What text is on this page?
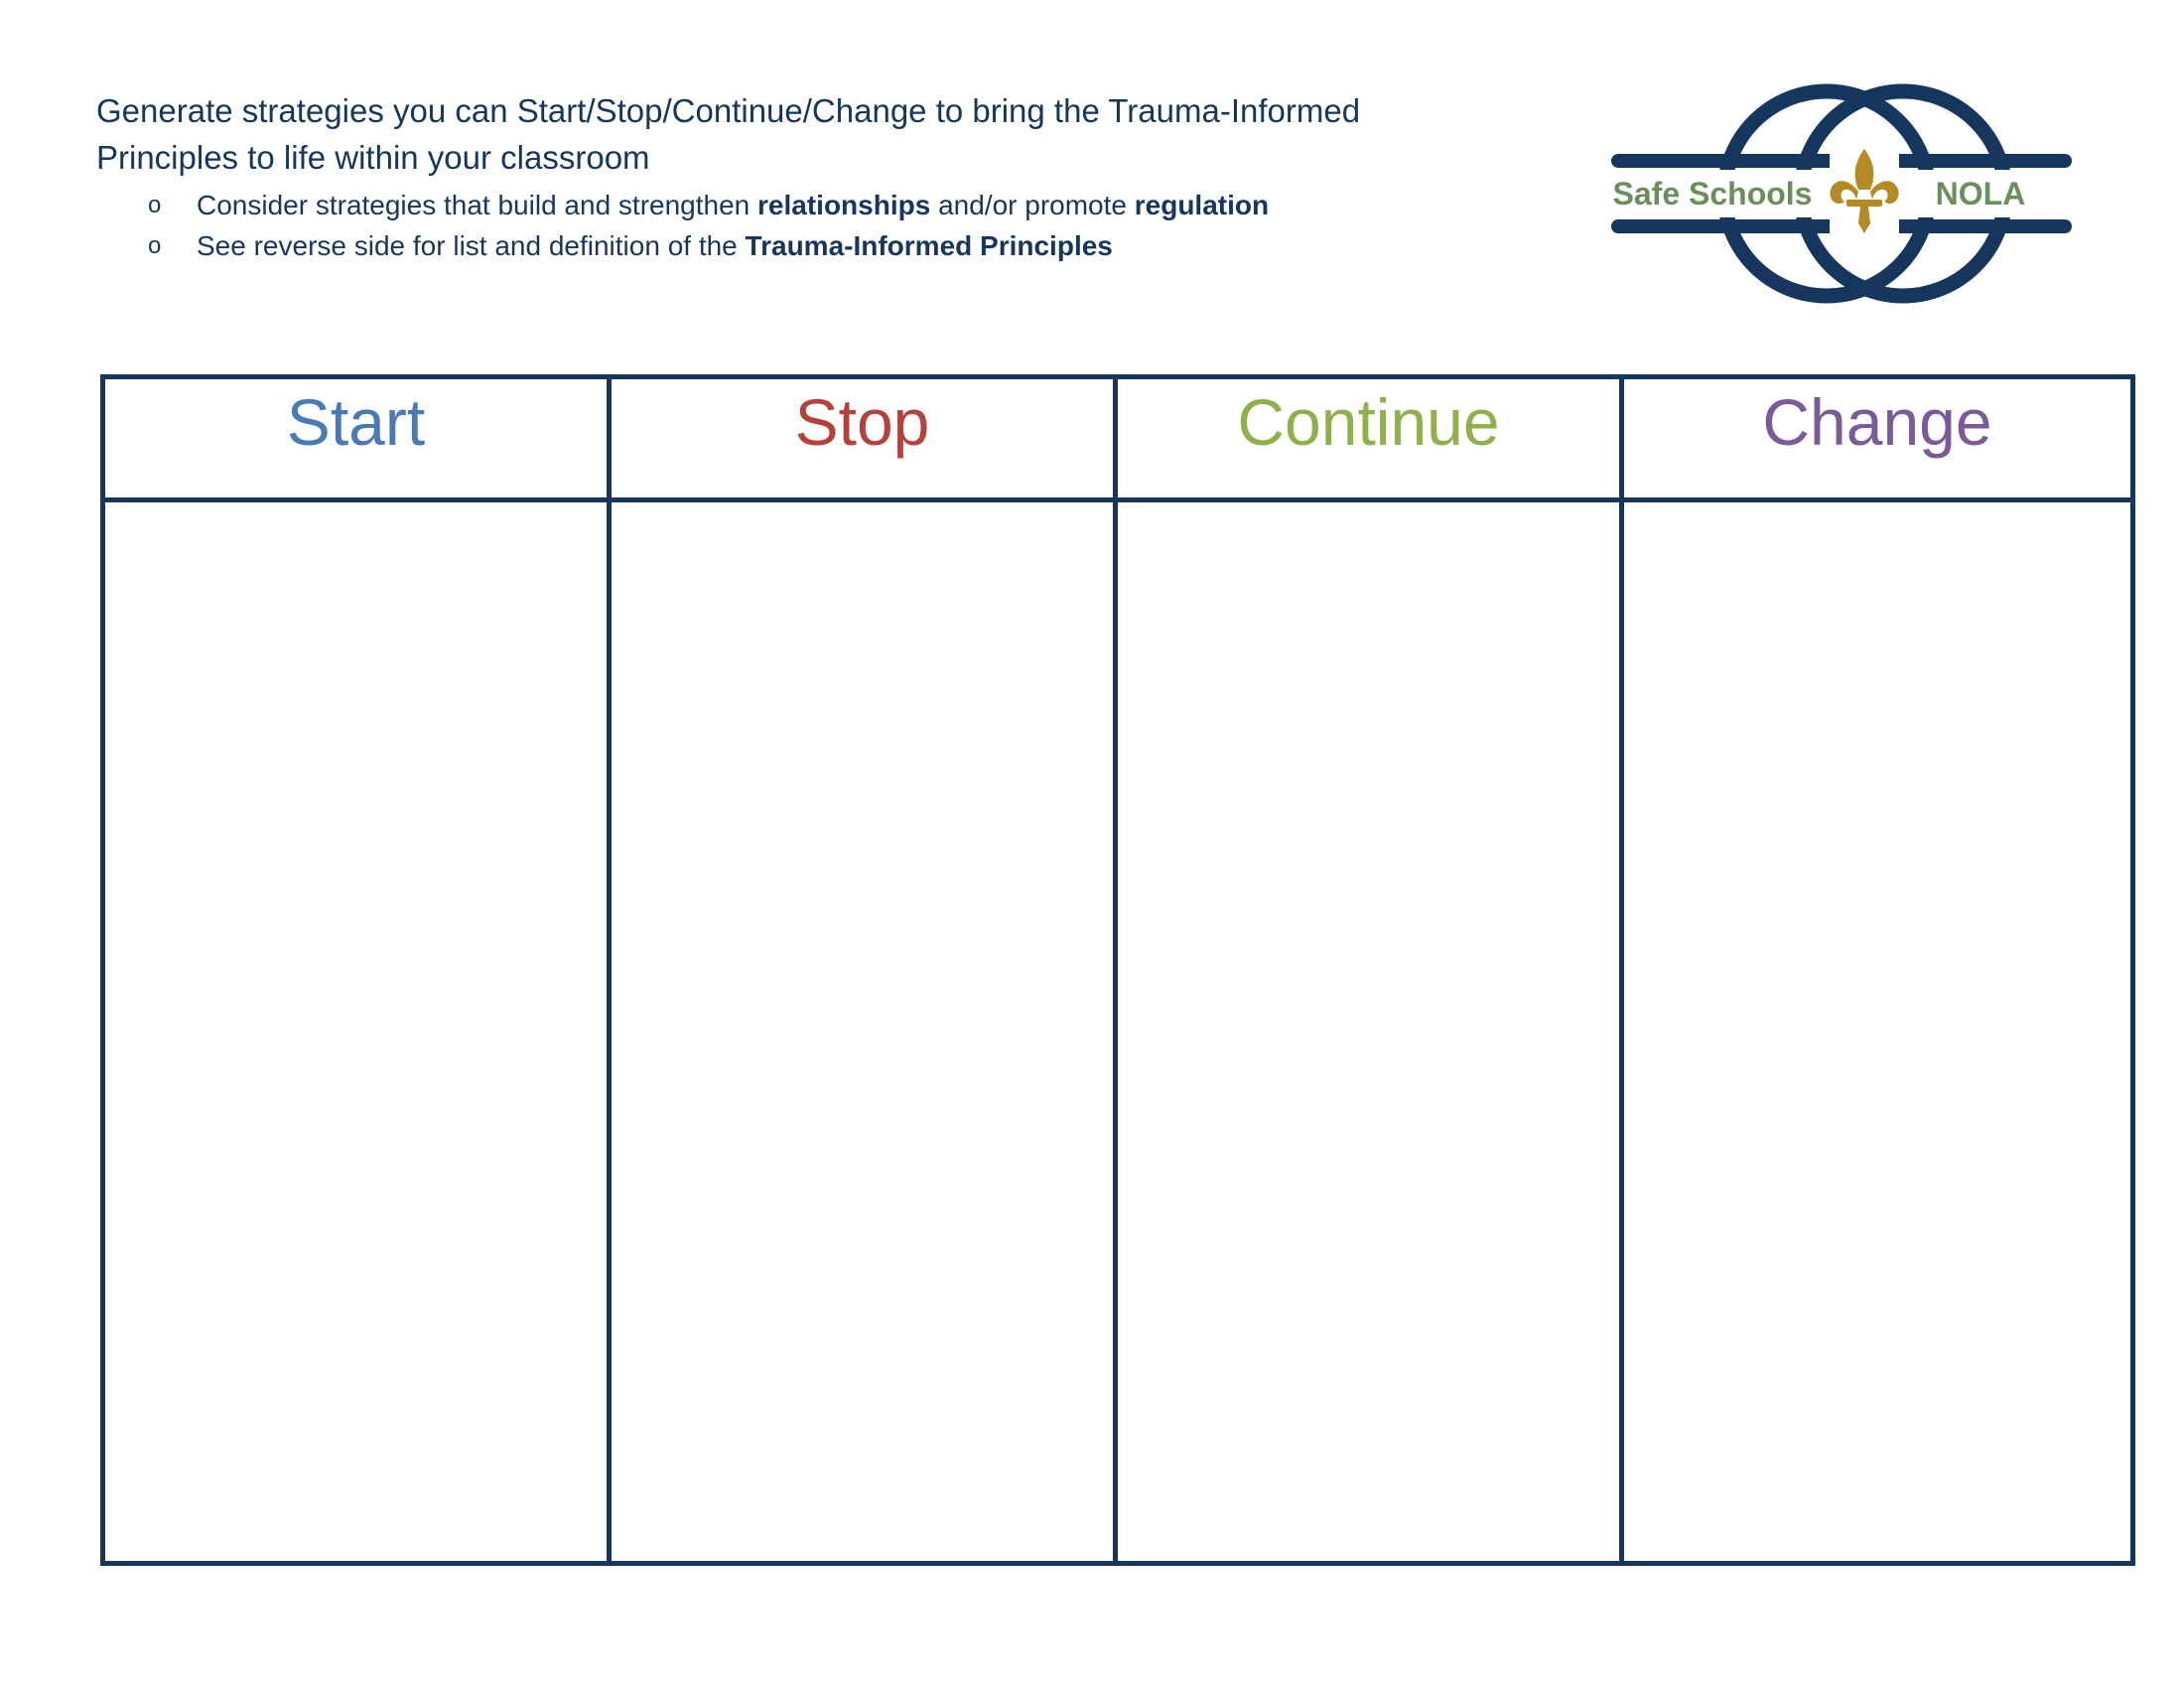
Generate strategies you can Start/Stop/Continue/Change to bring the Trauma-Informed Principles to life within your classroom

o Consider strategies that build and strengthen relationships and/or promote regulation
o See reverse side for list and definition of the Trauma-Informed Principles
Safe Schools	NOLA
Start	Stop	Continue	Change
